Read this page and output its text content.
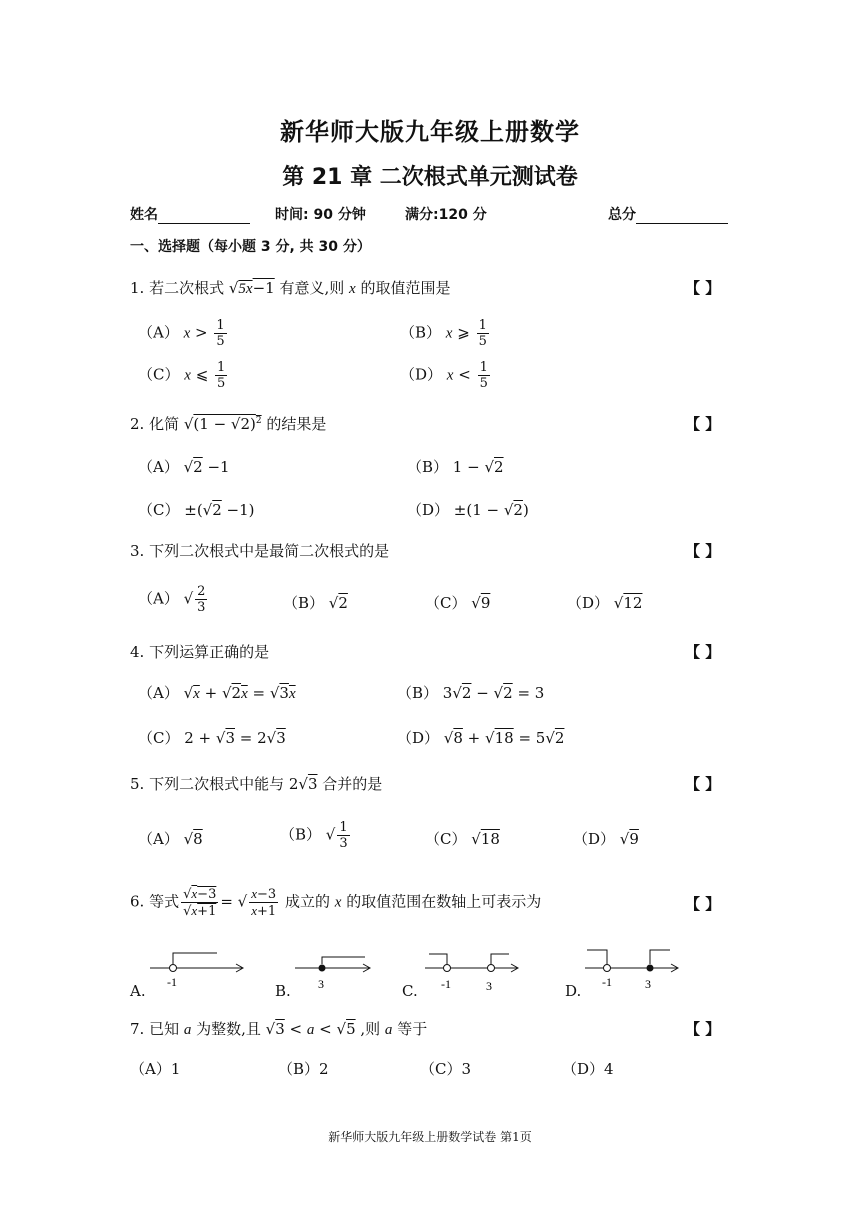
新华师大版九年级上册数学
第 21 章 二次根式单元测试卷
姓名	时间: 90 分钟	满分:120 分	总分
一、选择题（每小题 3 分, 共 30 分）
1. 若二次根式 √5x−1 有意义,则 x 的取值范围是	【 】
（A） $x > \frac{1}{5}$	（B） x ⩾ $\frac{1}{5}$
（C） x ⩽ $\frac{1}{5}$	（D） $x < \frac{1}{5}$
2. 化简 $√(1 - √2)^2$ 的结果是	【 】
（A） √2 −1	（B） 1 − √2
（C） ±(√2 −1)	（D） ±(1 − √2)
3. 下列二次根式中是最简二次根式的是	【 】
（A） √ $\frac{2}{3}$	（B） √2	（C） √9	（D） √12
4. 下列运算正确的是	【 】
（A） √x + √2x = √3x	（B） 3√2 − √2 = 3
（C） 2 + √3 = 2√3	（D） √8 + √18 = 5√2
5. 下列二次根式中能与 2√3 合并的是	【 】
（A） √8	（B） √ $\frac{1}{3}$	（C） √18	（D） √9
6. 等式 $\frac{√x-3}{√x+1}$ = √ $\frac{x-3}{x+1}$ 成立的 x 的取值范围在数轴上可表示为	【 】
A. -1	B. 3	C. -1	3	D. -1	3
7. 已知 a 为整数,且 √3 < a < √5 ,则 a 等于	【 】
（A）1	（B）2	（C）3	（D）4
新华师大版九年级上册数学试卷 第1页
